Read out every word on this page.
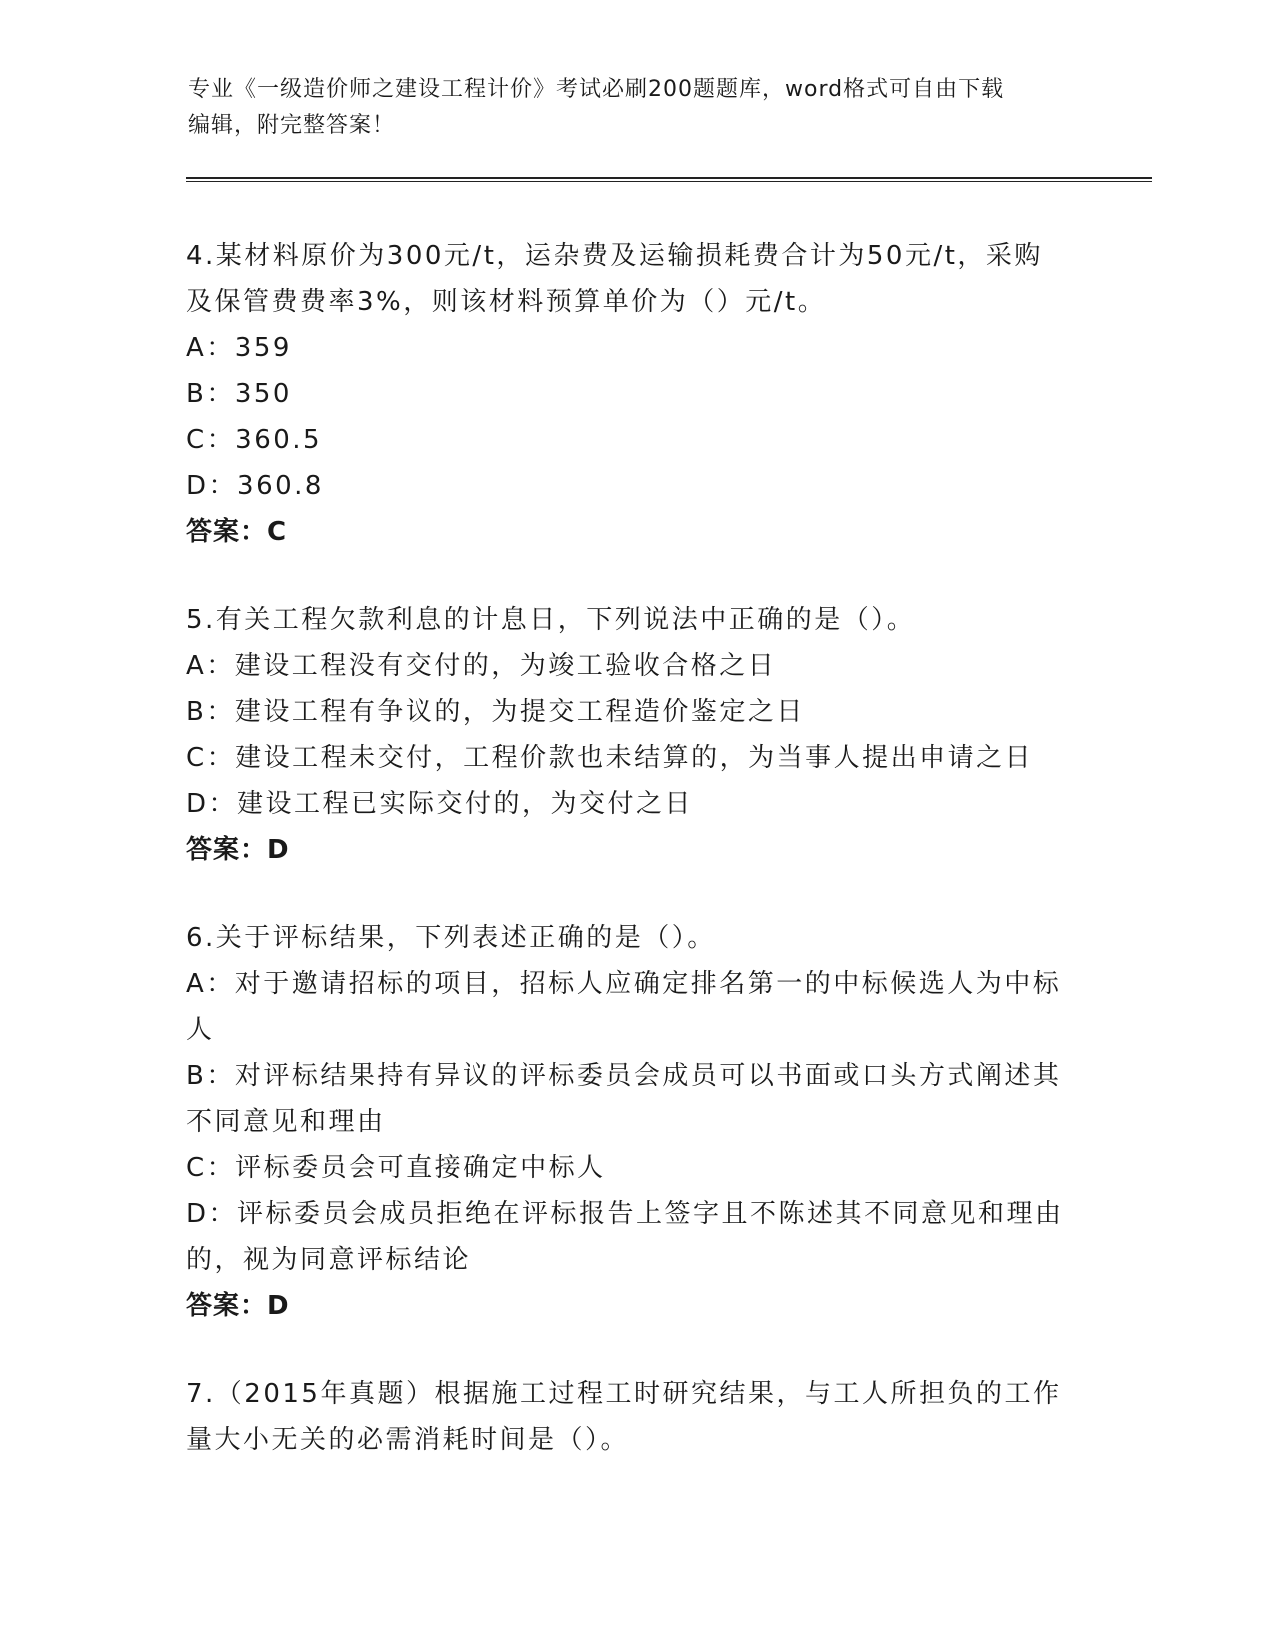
专业《一级造价师之建设工程计价》考试必刷200题题库，word格式可自由下载
编辑，附完整答案！
4.某材料原价为300元/t，运杂费及运输损耗费合计为50元/t，采购
及保管费费率3%，则该材料预算单价为（）元/t。
A：359
B：350
C：360.5
D：360.8
答案：C
5.有关工程欠款利息的计息日，下列说法中正确的是（）。
A：建设工程没有交付的，为竣工验收合格之日
B：建设工程有争议的，为提交工程造价鉴定之日
C：建设工程未交付，工程价款也未结算的，为当事人提出申请之日
D：建设工程已实际交付的，为交付之日
答案：D
6.关于评标结果，下列表述正确的是（）。
A：对于邀请招标的项目，招标人应确定排名第一的中标候选人为中标
人
B：对评标结果持有异议的评标委员会成员可以书面或口头方式阐述其
不同意见和理由
C：评标委员会可直接确定中标人
D：评标委员会成员拒绝在评标报告上签字且不陈述其不同意见和理由
的，视为同意评标结论
答案：D
7.（2015年真题）根据施工过程工时研究结果，与工人所担负的工作
量大小无关的必需消耗时间是（）。
